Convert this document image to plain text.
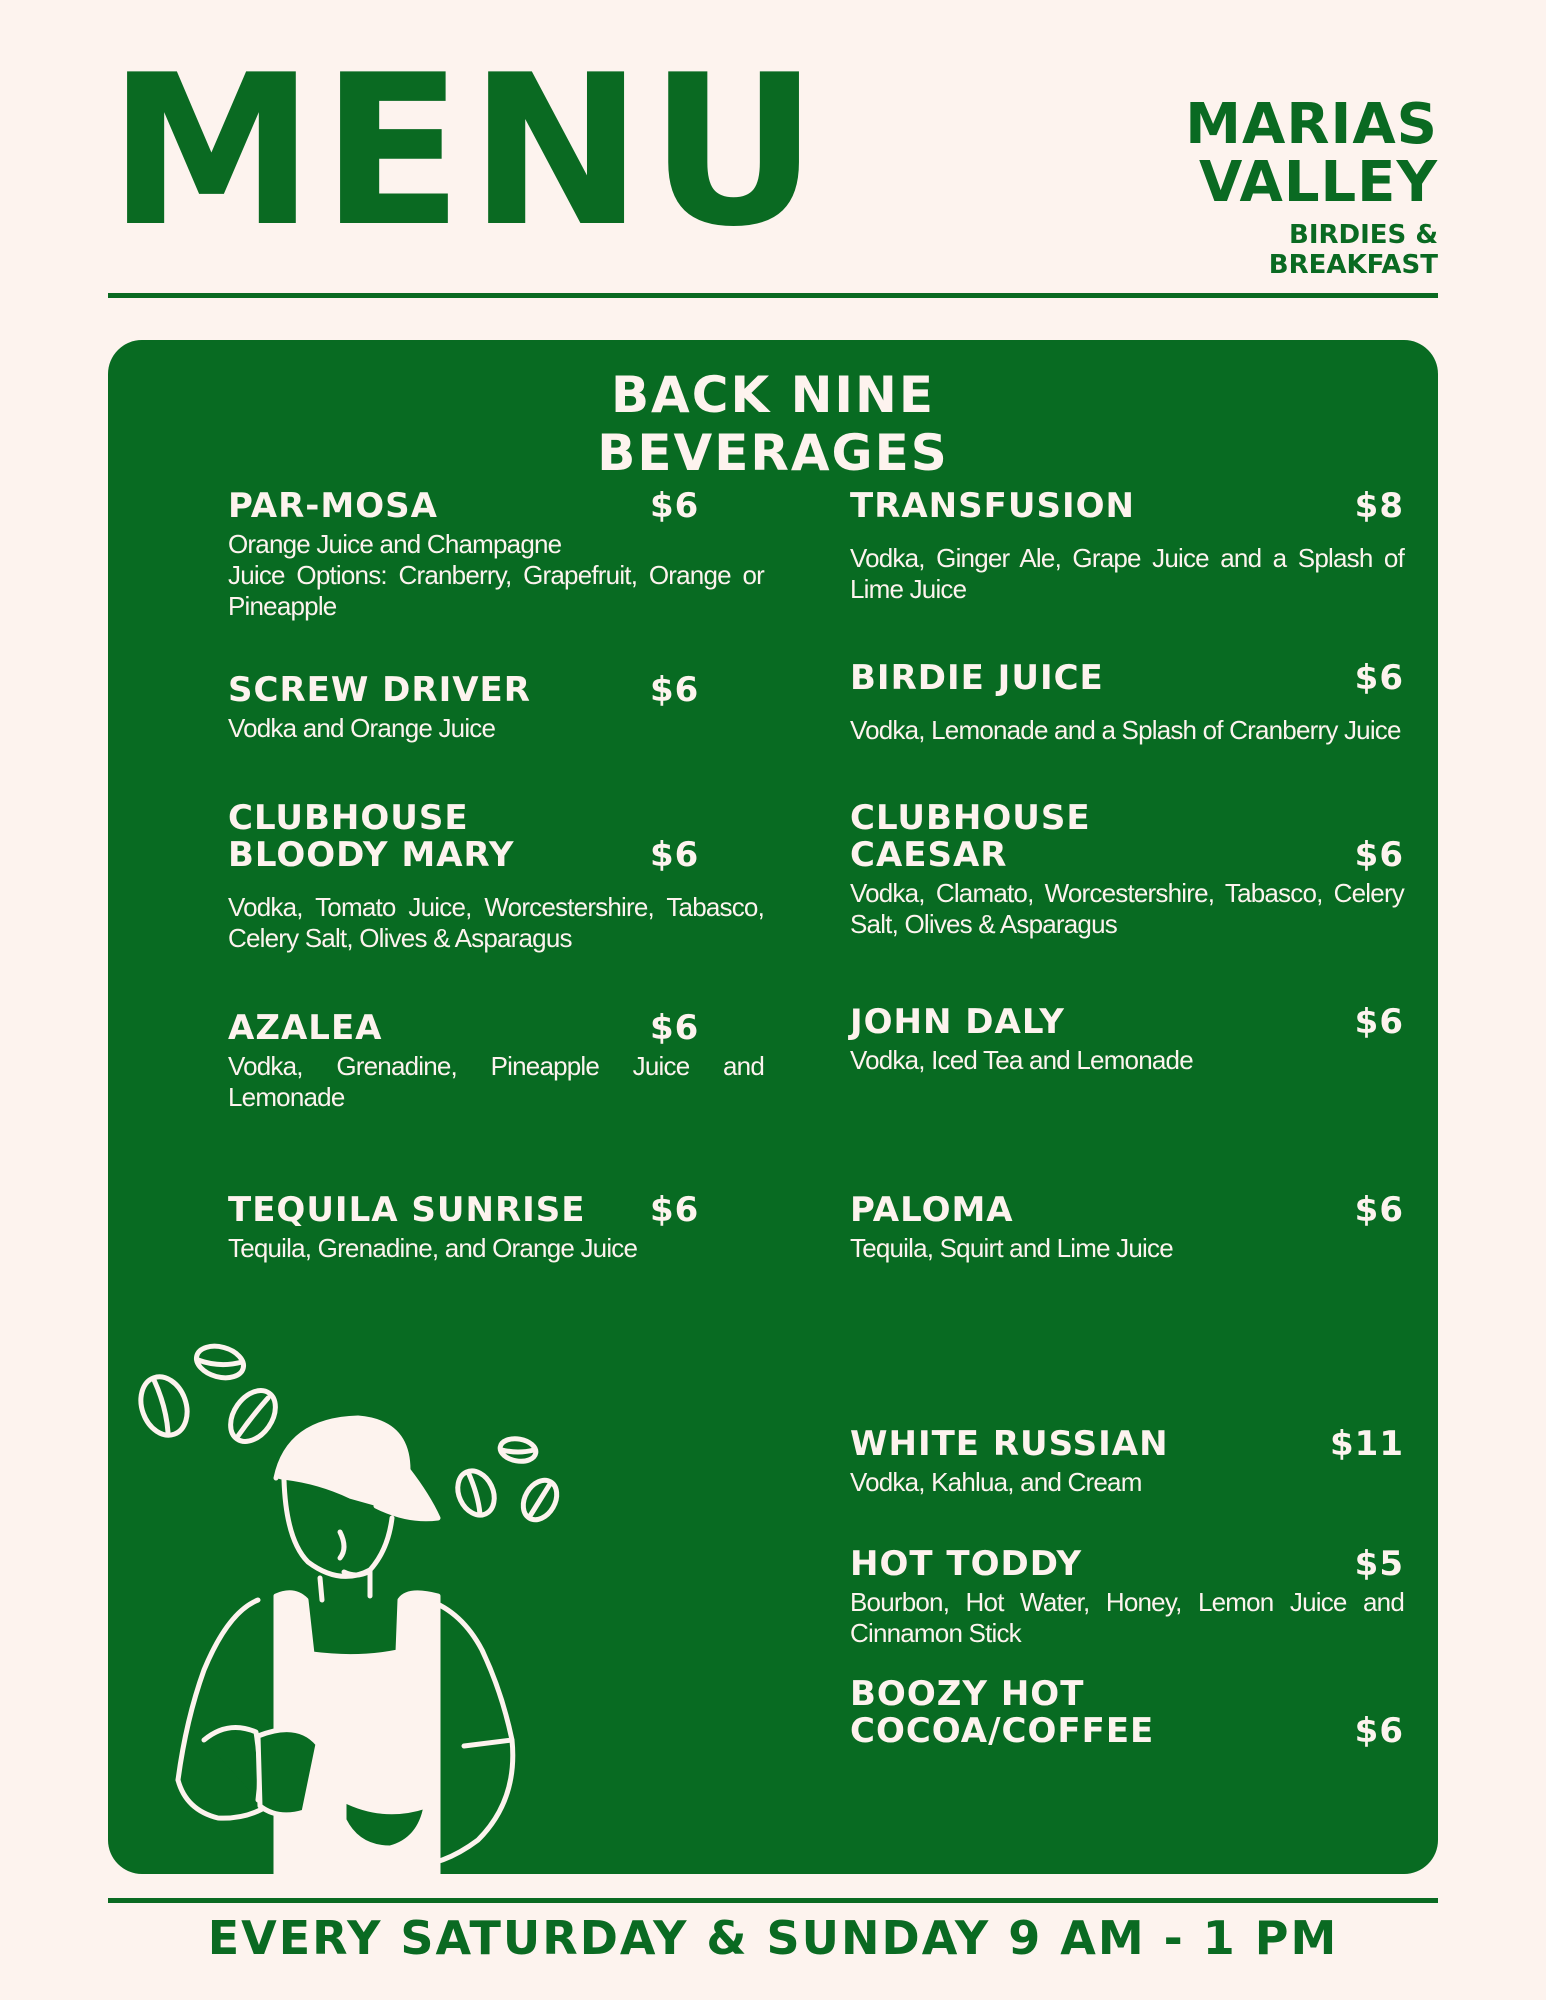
MENU	MARIAS
VALLEY
BIRDIES &
BREAKFAST
BACK NINE
BEVERAGES
PAR-MOSA	$6
Orange Juice and Champagne
Juice Options: Cranberry, Grapefruit, Orange or Pineapple
SCREW DRIVER	$6
Vodka and Orange Juice
CLUBHOUSE
BLOODY MARY	$6
Vodka, Tomato Juice, Worcestershire, Tabasco, Celery Salt, Olives & Asparagus
AZALEA	$6
Vodka, Grenadine, Pineapple Juice and Lemonade
TEQUILA SUNRISE	$6
Tequila, Grenadine, and Orange Juice
TRANSFUSION	$8
Vodka, Ginger Ale, Grape Juice and a Splash of Lime Juice
BIRDIE JUICE	$6
Vodka, Lemonade and a Splash of Cranberry Juice
CLUBHOUSE
CAESAR	$6
Vodka, Clamato, Worcestershire, Tabasco, Celery Salt, Olives & Asparagus
JOHN DALY	$6
Vodka, Iced Tea and Lemonade
PALOMA	$6
Tequila, Squirt and Lime Juice
WHITE RUSSIAN	$11
Vodka, Kahlua, and Cream
HOT TODDY	$5
Bourbon, Hot Water, Honey, Lemon Juice and Cinnamon Stick
BOOZY HOT
COCOA/COFFEE	$6
EVERY SATURDAY & SUNDAY 9 AM - 1 PM
